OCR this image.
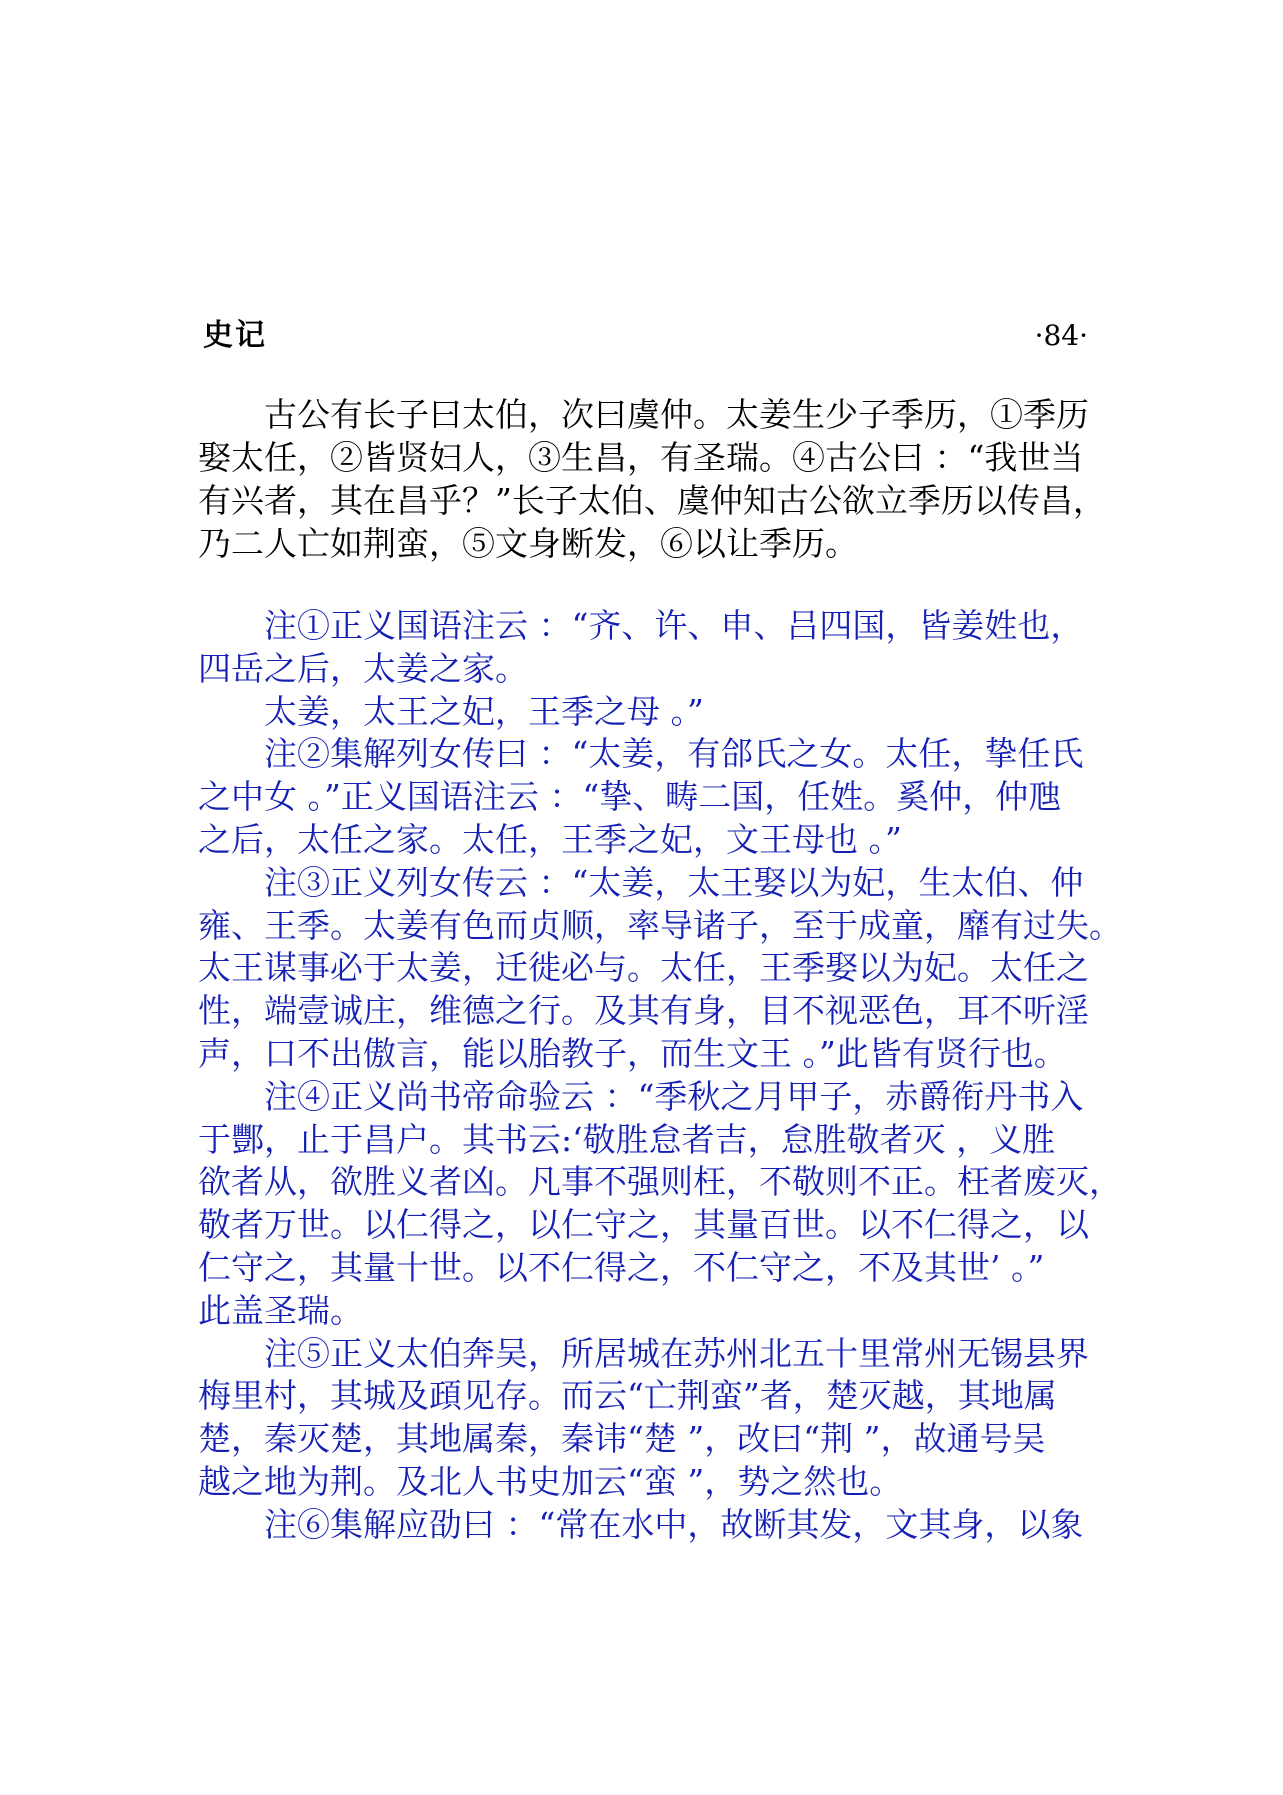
史记	·84·
古公有长子曰太伯，次曰虞仲。太姜生少子季历，①季历
娶太任，②皆贤妇人，③生昌，有圣瑞。④古公曰 ：“我世当
有兴者，其在昌乎？”长子太伯、虞仲知古公欲立季历以传昌，
乃二人亡如荆蛮，⑤文身断发，⑥以让季历。
注①正义国语注云 ：“齐、许、申、吕四国，皆姜姓也，
四岳之后，太姜之家。
太姜，太王之妃，王季之母 。”
注②集解列女传曰 ：“太姜，有郃氏之女。太任，挚任氏
之中女 。”正义国语注云 ：“挚、畴二国，任姓。奚仲，仲虺
之后，太任之家。太任，王季之妃，文王母也 。”
注③正义列女传云 ：“太姜，太王娶以为妃，生太伯、仲
雍、王季。太姜有色而贞顺，率导诸子，至于成童，靡有过失。
太王谋事必于太姜，迁徙必与。太任，王季娶以为妃。太任之
性，端壹诚庄，维德之行。及其有身，目不视恶色，耳不听淫
声，口不出傲言，能以胎教子，而生文王 。”此皆有贤行也。
注④正义尚书帝命验云 ：“季秋之月甲子，赤爵衔丹书入
于酆，止于昌户。其书云:‘敬胜怠者吉，怠胜敬者灭 ，义胜
欲者从，欲胜义者凶。凡事不强则枉，不敬则不正。枉者废灭，
敬者万世。以仁得之，以仁守之，其量百世。以不仁得之，以
仁守之，其量十世。以不仁得之，不仁守之，不及其世’ 。”
此盖圣瑞。
注⑤正义太伯奔吴，所居城在苏州北五十里常州无锡县界
梅里村，其城及頙见存。而云“亡荆蛮”者，楚灭越，其地属
楚，秦灭楚，其地属秦，秦讳“楚 ”，改曰“荆 ”，故通号吴
越之地为荆。及北人书史加云“蛮 ”，势之然也。
注⑥集解应劭曰 ：“常在水中，故断其发，文其身，以象
